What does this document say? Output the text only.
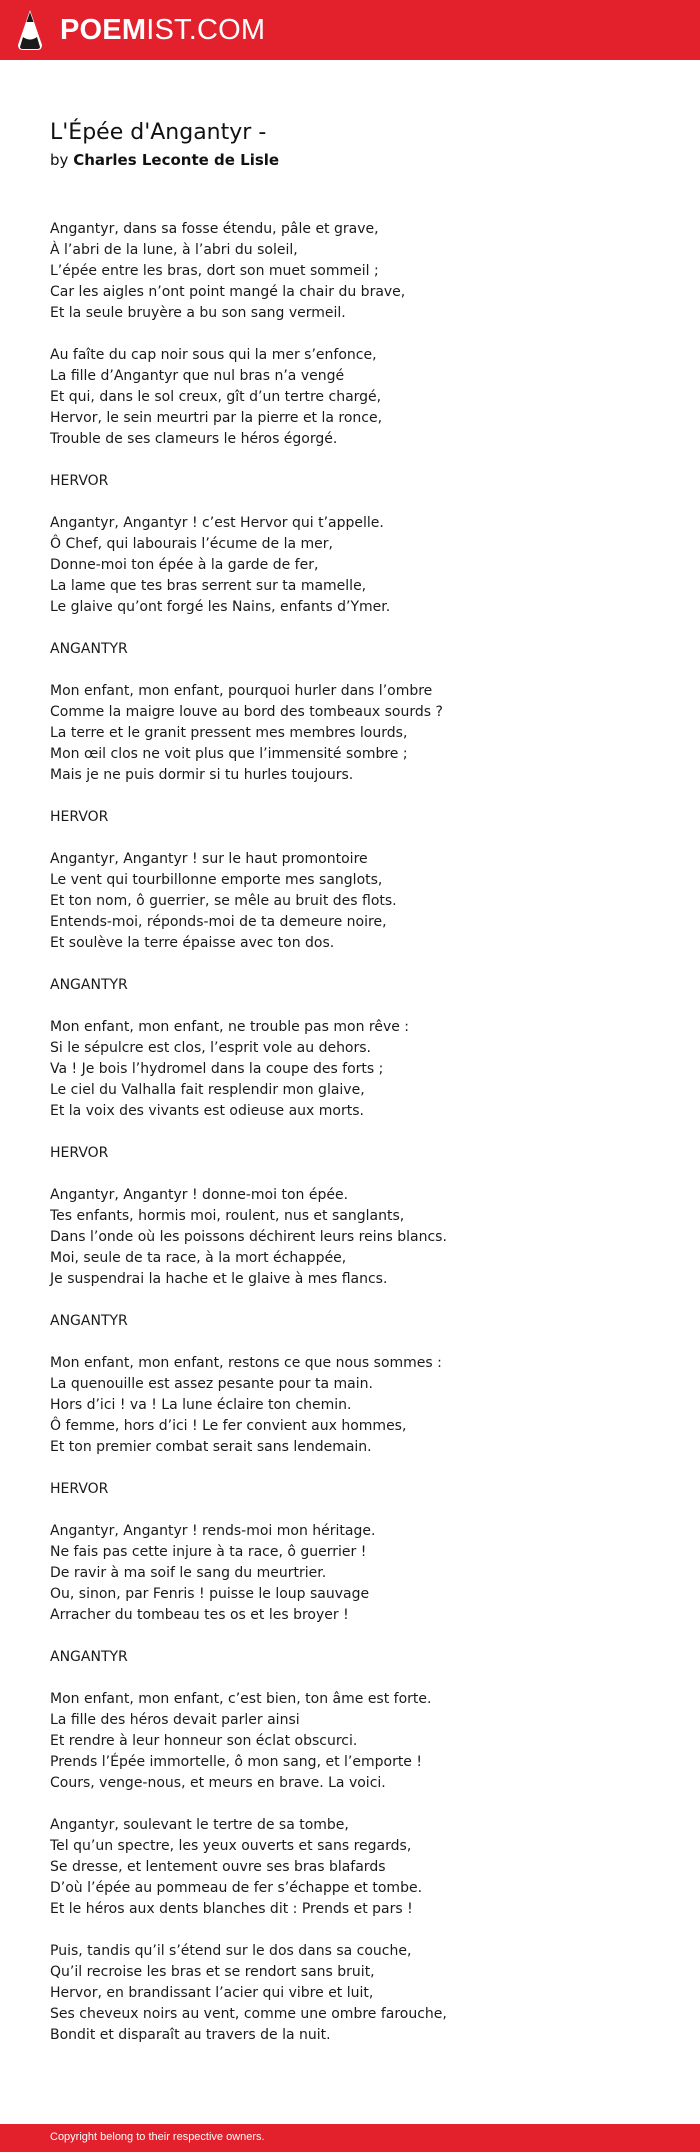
POEMIST.COM
L'Épée d'Angantyr -
by Charles Leconte de Lisle
Angantyr, dans sa fosse étendu, pâle et grave,
À l’abri de la lune, à l’abri du soleil,
L’épée entre les bras, dort son muet sommeil ;
Car les aigles n’ont point mangé la chair du brave,
Et la seule bruyère a bu son sang vermeil.
Au faîte du cap noir sous qui la mer s’enfonce,
La fille d’Angantyr que nul bras n’a vengé
Et qui, dans le sol creux, gît d’un tertre chargé,
Hervor, le sein meurtri par la pierre et la ronce,
Trouble de ses clameurs le héros égorgé.
HERVOR
Angantyr, Angantyr ! c’est Hervor qui t’appelle.
Ô Chef, qui labourais l’écume de la mer,
Donne-moi ton épée à la garde de fer,
La lame que tes bras serrent sur ta mamelle,
Le glaive qu’ont forgé les Nains, enfants d’Ymer.
ANGANTYR
Mon enfant, mon enfant, pourquoi hurler dans l’ombre
Comme la maigre louve au bord des tombeaux sourds ?
La terre et le granit pressent mes membres lourds,
Mon œil clos ne voit plus que l’immensité sombre ;
Mais je ne puis dormir si tu hurles toujours.
HERVOR
Angantyr, Angantyr ! sur le haut promontoire
Le vent qui tourbillonne emporte mes sanglots,
Et ton nom, ô guerrier, se mêle au bruit des flots.
Entends-moi, réponds-moi de ta demeure noire,
Et soulève la terre épaisse avec ton dos.
ANGANTYR
Mon enfant, mon enfant, ne trouble pas mon rêve :
Si le sépulcre est clos, l’esprit vole au dehors.
Va ! Je bois l’hydromel dans la coupe des forts ;
Le ciel du Valhalla fait resplendir mon glaive,
Et la voix des vivants est odieuse aux morts.
HERVOR
Angantyr, Angantyr ! donne-moi ton épée.
Tes enfants, hormis moi, roulent, nus et sanglants,
Dans l’onde où les poissons déchirent leurs reins blancs.
Moi, seule de ta race, à la mort échappée,
Je suspendrai la hache et le glaive à mes flancs.
ANGANTYR
Mon enfant, mon enfant, restons ce que nous sommes :
La quenouille est assez pesante pour ta main.
Hors d’ici ! va ! La lune éclaire ton chemin.
Ô femme, hors d’ici ! Le fer convient aux hommes,
Et ton premier combat serait sans lendemain.
HERVOR
Angantyr, Angantyr ! rends-moi mon héritage.
Ne fais pas cette injure à ta race, ô guerrier !
De ravir à ma soif le sang du meurtrier.
Ou, sinon, par Fenris ! puisse le loup sauvage
Arracher du tombeau tes os et les broyer !
ANGANTYR
Mon enfant, mon enfant, c’est bien, ton âme est forte.
La fille des héros devait parler ainsi
Et rendre à leur honneur son éclat obscurci.
Prends l’Épée immortelle, ô mon sang, et l’emporte !
Cours, venge-nous, et meurs en brave. La voici.
Angantyr, soulevant le tertre de sa tombe,
Tel qu’un spectre, les yeux ouverts et sans regards,
Se dresse, et lentement ouvre ses bras blafards
D’où l’épée au pommeau de fer s’échappe et tombe.
Et le héros aux dents blanches dit : Prends et pars !
Puis, tandis qu’il s’étend sur le dos dans sa couche,
Qu’il recroise les bras et se rendort sans bruit,
Hervor, en brandissant l’acier qui vibre et luit,
Ses cheveux noirs au vent, comme une ombre farouche,
Bondit et disparaît au travers de la nuit.
Copyright belong to their respective owners.
